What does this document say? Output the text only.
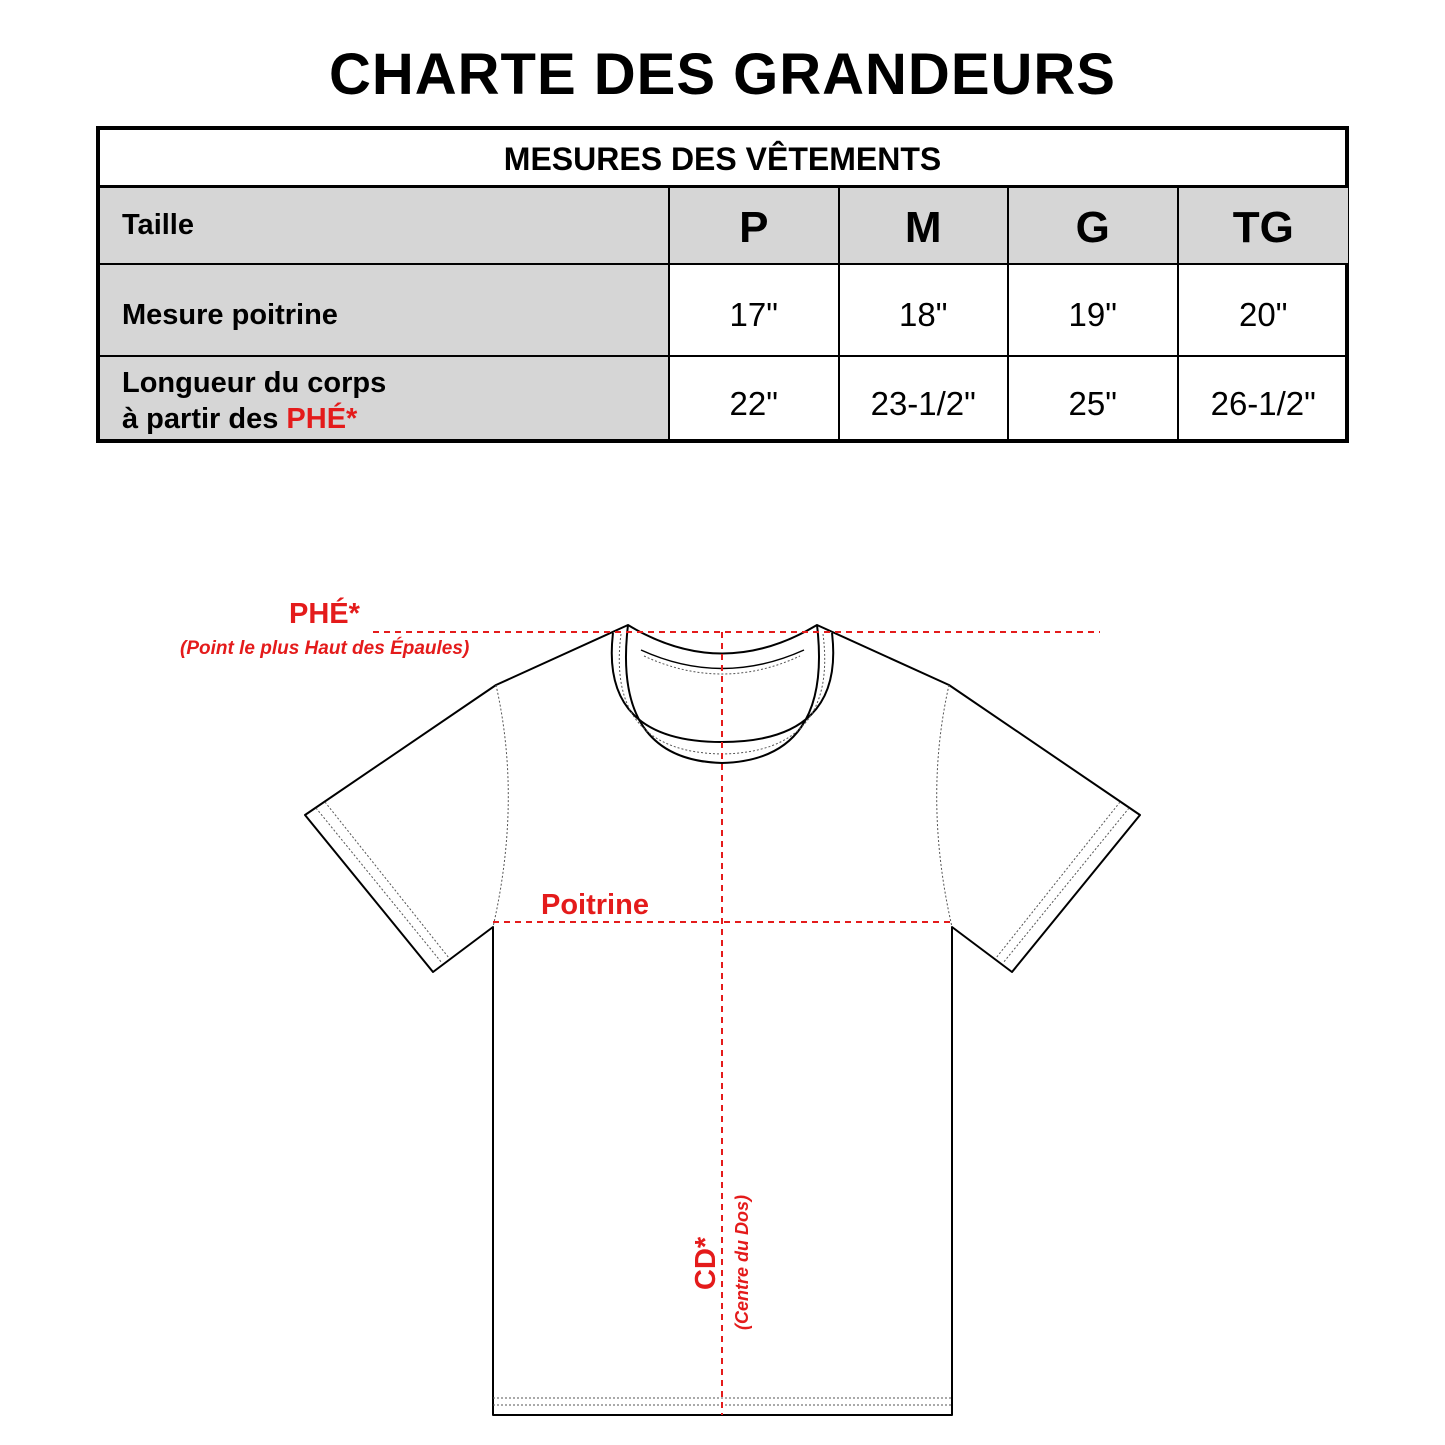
CHARTE DES GRANDEURS
MESURES DES VÊTEMENTS
Taille	P	M	G	TG
Mesure poitrine	17"	18"	19"	20"
Longueur du corps
à partir des PHÉ*	22"	23-1/2"	25"	26-1/2"
PHÉ*
(Point le plus Haut des Épaules)
Poitrine
CD* (Centre du Dos)
